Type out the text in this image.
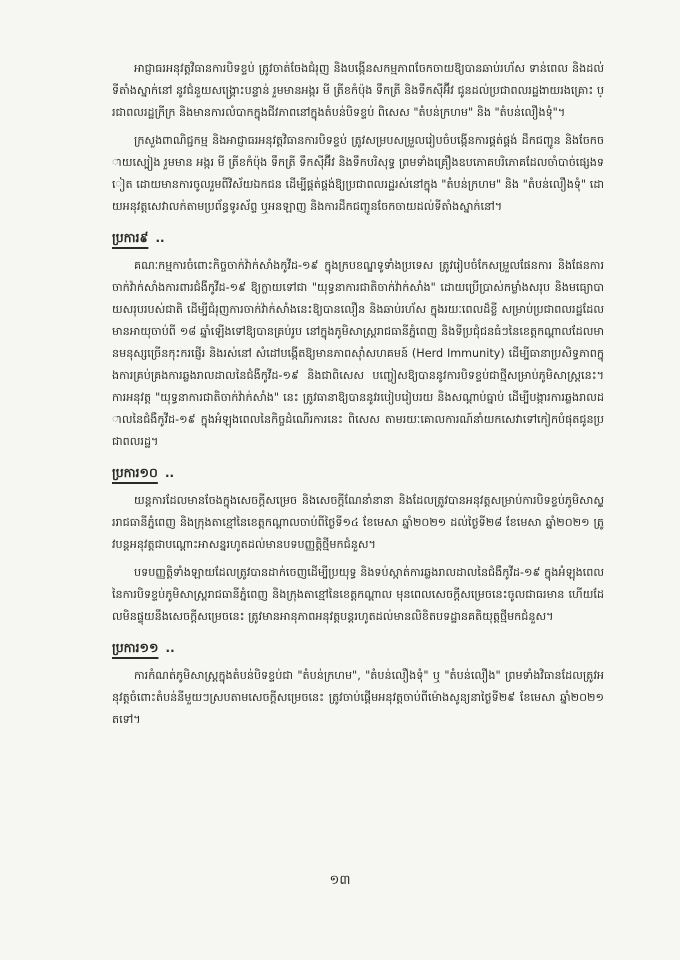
អាជ្ញាធរអនុវត្តវិធានការបិទខ្ទប់ ត្រូវចាត់ចែងជំរុញ និងបង្កើនសកម្មភាពចែកចាយឱ្យបានឆាប់រហ័ស ទាន់ពេល និងដល់ទីតាំងស្នាក់នៅ នូវជំនួយសង្គ្រោះបន្ទាន់ រួមមានអង្ករ មី ត្រីខកំប៉ុង ទឹកត្រី និងទឹកស៊ីអ៊ីវ ជូនដល់ប្រជាពលរដ្ឋងាយរងគ្រោះ ប្រជាពលរដ្ឋក្រីក្រ និងមានការលំបាកក្នុងជីវភាពនៅក្នុងតំបន់បិទខ្ទប់ ពិសេស "តំបន់ក្រហម" និង "តំបន់លឿងទុំ"។

ក្រសួងពាណិជ្ជកម្ម និងអាជ្ញាធរអនុវត្តវិធានការបិទខ្ទប់ ត្រូវសម្របសម្រួលរៀបចំបង្កើនការផ្គត់ផ្គង់ ដឹកជញ្ជូន និងចែកចាយស្បៀង រួមមាន អង្ករ មី ត្រីខកំប៉ុង ទឹកត្រី ទឹកស៊ីអ៊ីវ និងទឹកបរិសុទ្ធ ព្រមទាំងគ្រឿងឧបភោគបរិភោគដែលចាំបាច់ផ្សេងទៀត ដោយមានការចូលរួមពីវិស័យឯកជន ដើម្បីផ្គត់ផ្គង់ឱ្យប្រជាពលរដ្ឋរស់នៅក្នុង "តំបន់ក្រហម" និង "តំបន់លឿងទុំ" ដោយអនុវត្តសេវាលក់តាមប្រព័ន្ធទូរស័ព្ទ ឬអនឡាញ និងការដឹកជញ្ជូនចែកចាយដល់ទីតាំងស្នាក់នៅ។

ប្រការ៩ ..

គណៈកម្មការចំពោះកិច្ចចាក់វ៉ាក់សាំងកូវីដ-១៩ ក្នុងក្របខណ្ឌទូទាំងប្រទេស ត្រូវរៀបចំកែសម្រួលផែនការ និងផែនការចាក់វ៉ាក់សាំងការពារជំងឺកូវីដ-១៩ ឱ្យក្លាយទៅជា "យុទ្ធនាការជាតិចាក់វ៉ាក់សាំង" ដោយប្រើប្រាស់កម្លាំងសរុប និងមធ្យោបាយសរុបរបស់ជាតិ ដើម្បីជំរុញការចាក់វ៉ាក់សាំងនេះឱ្យបានលឿន និងឆាប់រហ័ស ក្នុងរយៈពេលដ៏ខ្លី សម្រាប់ប្រជាពលរដ្ឋដែលមានអាយុចាប់ពី ១៨ ឆ្នាំឡើងទៅឱ្យបានគ្រប់រូប នៅក្នុងភូមិសាស្ត្ររាជធានីភ្នំពេញ និងទីប្រជុំជនធំៗនៃខេត្តកណ្តាលដែលមានមនុស្សច្រើនកុះករផ្ញើរ និងរស់នៅ សំដៅបង្កើតឱ្យមានភាពស៊ាំសហគមន៍ (Herd Immunity) ដើម្បីធានាប្រសិទ្ធភាពក្នុងការគ្រប់គ្រងការឆ្លងរាលដាលនៃជំងឺកូវីដ-១៩ និងជាពិសេស បញ្ចៀសឱ្យបាននូវការបិទខ្ទប់ជាថ្មីសម្រាប់ភូមិសាស្ត្រនេះ។ ការអនុវត្ត "យុទ្ធនាការជាតិចាក់វ៉ាក់សាំង" នេះ ត្រូវធានាឱ្យបាននូវរបៀបរៀបរយ និងសណ្តាប់ធ្នាប់ ដើម្បីបង្ការការឆ្លងរាលដាលនៃជំងឺកូវីដ-១៩ ក្នុងអំឡុងពេលនៃកិច្ចដំណើរការនេះ ពិសេស តាមរយៈគោលការណ៍នាំយកសេវាទៅកៀកបំផុតជូនប្រជាពលរដ្ឋ។

ប្រការ១០ ..

យន្តការដែលមានចែងក្នុងសេចក្តីសម្រេច និងសេចក្តីណែនាំនានា និងដែលត្រូវបានអនុវត្តសម្រាប់ការបិទខ្ទប់ភូមិសាស្ត្ររាជធានីភ្នំពេញ និងក្រុងតាខ្មៅនៃខេត្តកណ្តាលចាប់ពីថ្ងៃទី១៤ ខែមេសា ឆ្នាំ២០២១ ដល់ថ្ងៃទី២៨ ខែមេសា ឆ្នាំ២០២១ ត្រូវបន្តអនុវត្តជាបណ្តោះអាសន្នរហូតដល់មានបទបញ្ញត្តិថ្មីមកជំនួស។

បទបញ្ញត្តិទាំងឡាយដែលត្រូវបានដាក់ចេញដើម្បីប្រយុទ្ធ និងទប់ស្កាត់ការឆ្លងរាលដាលនៃជំងឺកូវីដ-១៩ ក្នុងអំឡុងពេលនៃការបិទខ្ទប់ភូមិសាស្ត្ររាជធានីភ្នំពេញ និងក្រុងតាខ្មៅនៃខេត្តកណ្តាល មុនពេលសេចក្តីសម្រេចនេះចូលជាធរមាន ហើយដែលមិនផ្ទុយនឹងសេចក្តីសម្រេចនេះ ត្រូវមានអានុភាពអនុវត្តបន្តរហូតដល់មានលិខិតបទដ្ឋានគតិយុត្តថ្មីមកជំនួស។

ប្រការ១១ ..

ការកំណត់ភូមិសាស្ត្រក្នុងតំបន់បិទខ្ទប់ជា "តំបន់ក្រហម", "តំបន់លឿងទុំ" ឬ "តំបន់លឿង" ព្រមទាំងវិធានដែលត្រូវអនុវត្តចំពោះតំបន់នីមួយៗស្របតាមសេចក្តីសម្រេចនេះ ត្រូវចាប់ផ្តើមអនុវត្តចាប់ពីម៉ោងសូន្យនាថ្ងៃទី២៩ ខែមេសា ឆ្នាំ២០២១ តទៅ។

១៣
